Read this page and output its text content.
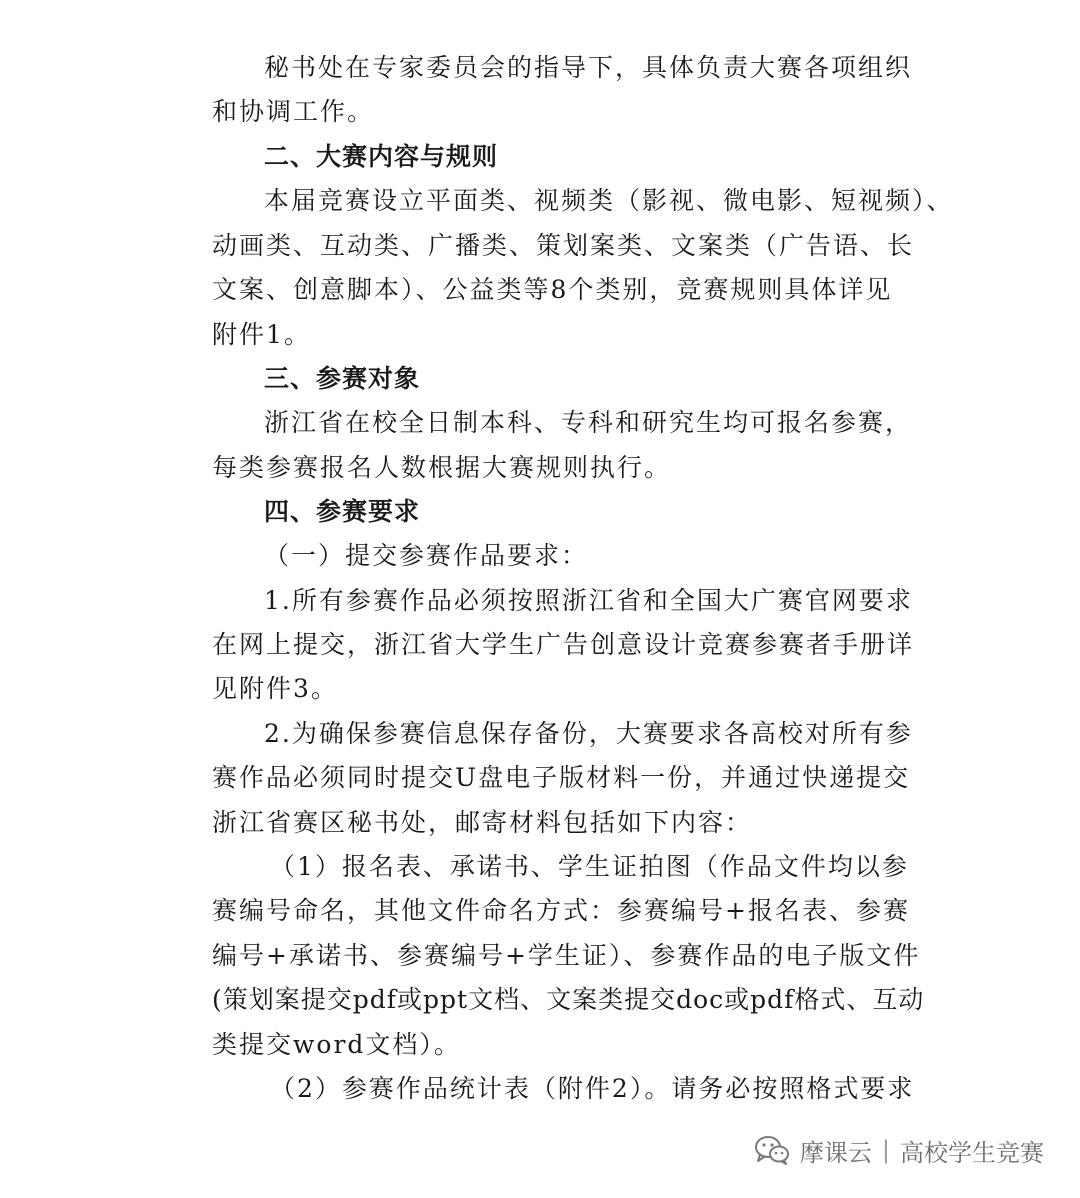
秘书处在专家委员会的指导下，具体负责大赛各项组织
和协调工作。
二、大赛内容与规则
本届竞赛设立平面类、视频类（影视、微电影、短视频）、
动画类、互动类、广播类、策划案类、文案类（广告语、长
文案、创意脚本）、公益类等8个类别，竞赛规则具体详见
附件1。
三、参赛对象
浙江省在校全日制本科、专科和研究生均可报名参赛，
每类参赛报名人数根据大赛规则执行。
四、参赛要求
（一）提交参赛作品要求：
1.所有参赛作品必须按照浙江省和全国大广赛官网要求
在网上提交，浙江省大学生广告创意设计竞赛参赛者手册详
见附件3。
2.为确保参赛信息保存备份，大赛要求各高校对所有参
赛作品必须同时提交U盘电子版材料一份，并通过快递提交
浙江省赛区秘书处，邮寄材料包括如下内容：
（1）报名表、承诺书、学生证拍图（作品文件均以参
赛编号命名，其他文件命名方式：参赛编号+报名表、参赛
编号+承诺书、参赛编号+学生证）、参赛作品的电子版文件
(策划案提交pdf或ppt文档、文案类提交doc或pdf格式、互动
类提交word文档）。
（2）参赛作品统计表（附件2）。请务必按照格式要求
摩课云 | 高校学生竞赛
